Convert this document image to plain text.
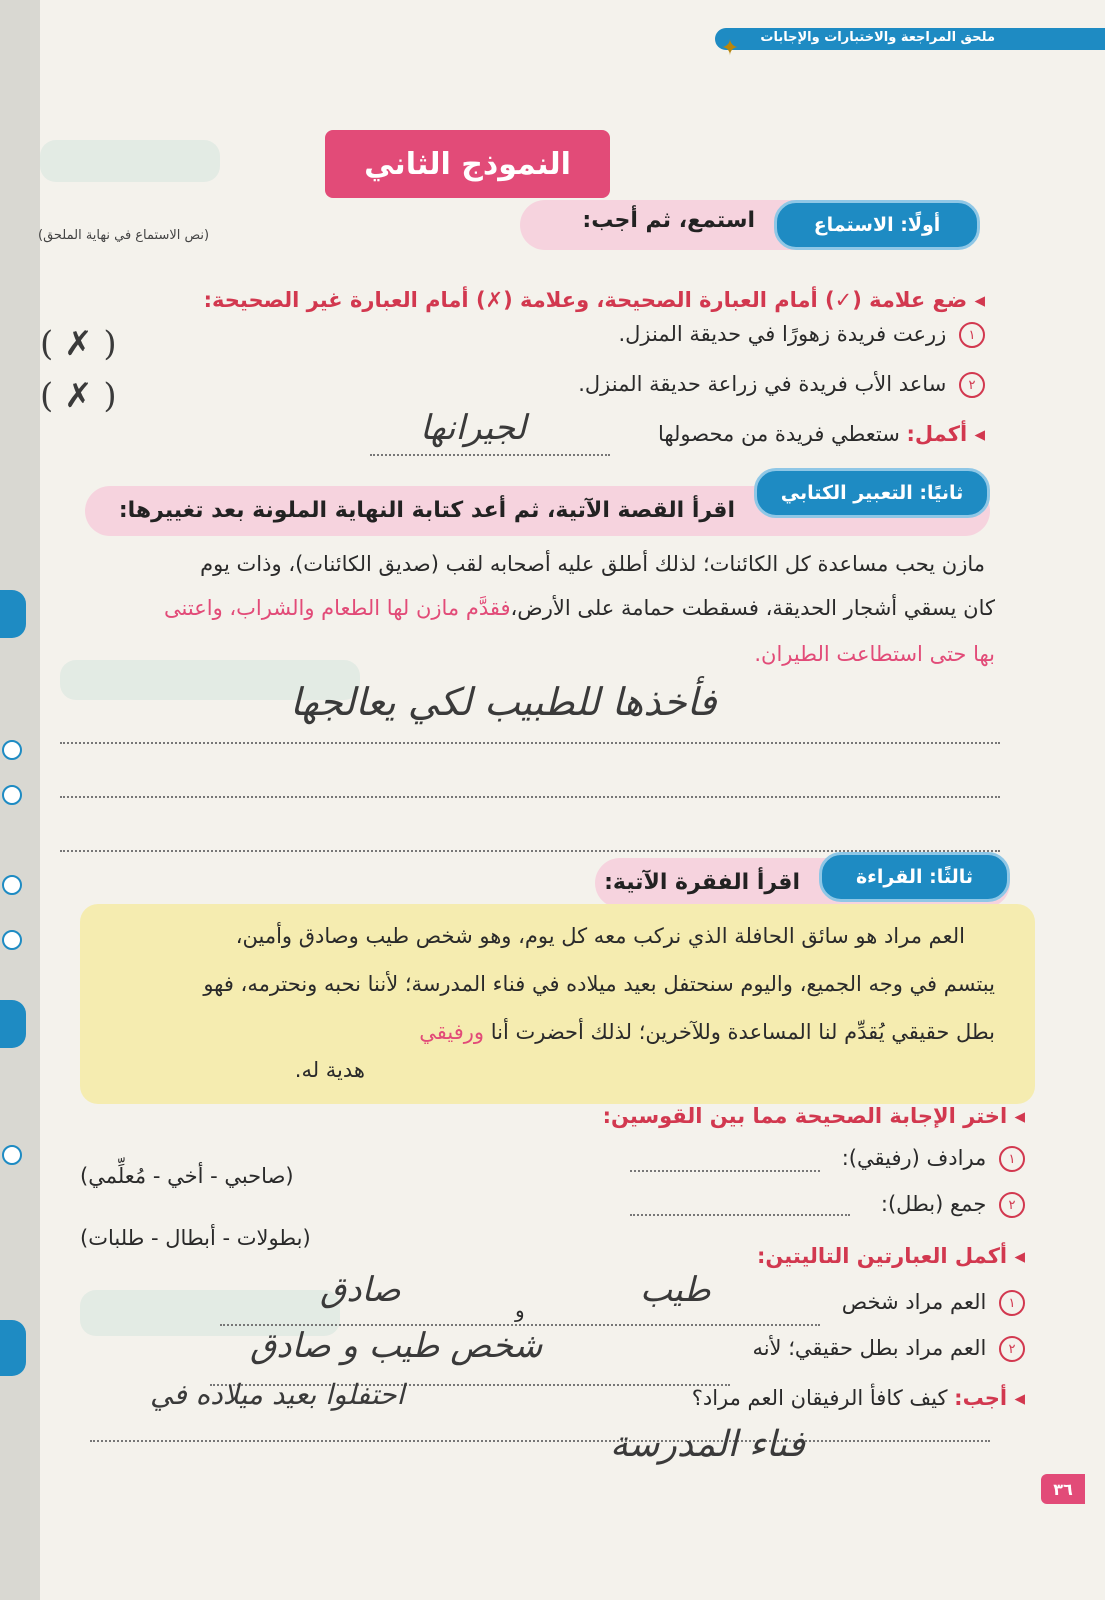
ملحق المراجعة والاختبارات والإجابات
✦
النموذج الثاني
أولًا: الاستماع
استمع، ثم أجب:
(نص الاستماع في نهاية الملحق)
◂ ضع علامة (✓) أمام العبارة الصحيحة، وعلامة (✗) أمام العبارة غير الصحيحة:
١ زرعت فريدة زهورًا في حديقة المنزل.
( ✗ )
٢ ساعد الأب فريدة في زراعة حديقة المنزل.
( ✗ )
◂ أكمل: ستعطي فريدة من محصولها
لجيرانها
ثانيًا: التعبير الكتابي
اقرأ القصة الآتية، ثم أعد كتابة النهاية الملونة بعد تغييرها:
مازن يحب مساعدة كل الكائنات؛ لذلك أطلق عليه أصحابه لقب (صديق الكائنات)، وذات يوم
كان يسقي أشجار الحديقة، فسقطت حمامة على الأرض،فقدَّم مازن لها الطعام والشراب، واعتنى
بها حتى استطاعت الطيران.
فأخذها للطبيب لكي يعالجها
ثالثًا: القراءة
اقرأ الفقرة الآتية:
العم مراد هو سائق الحافلة الذي نركب معه كل يوم، وهو شخص طيب وصادق وأمين،
يبتسم في وجه الجميع، واليوم سنحتفل بعيد ميلاده في فناء المدرسة؛ لأننا نحبه ونحترمه، فهو
بطل حقيقي يُقدِّم لنا المساعدة وللآخرين؛ لذلك أحضرت أنا ورفيقي
هدية له.
◂ اختر الإجابة الصحيحة مما بين القوسين:
١ مرادف (رفيقي):
(صاحبي - أخي - مُعلِّمي)
٢ جمع (بطل):
(بطولات - أبطال - طلبات)
◂ أكمل العبارتين التاليتين:
١ العم مراد شخص
طيب
و
صادق
٢ العم مراد بطل حقيقي؛ لأنه
شخص طيب و صادق
◂ أجب: كيف كافأ الرفيقان العم مراد؟
احتفلوا بعيد ميلاده في
فناء المدرسة
٣٦
